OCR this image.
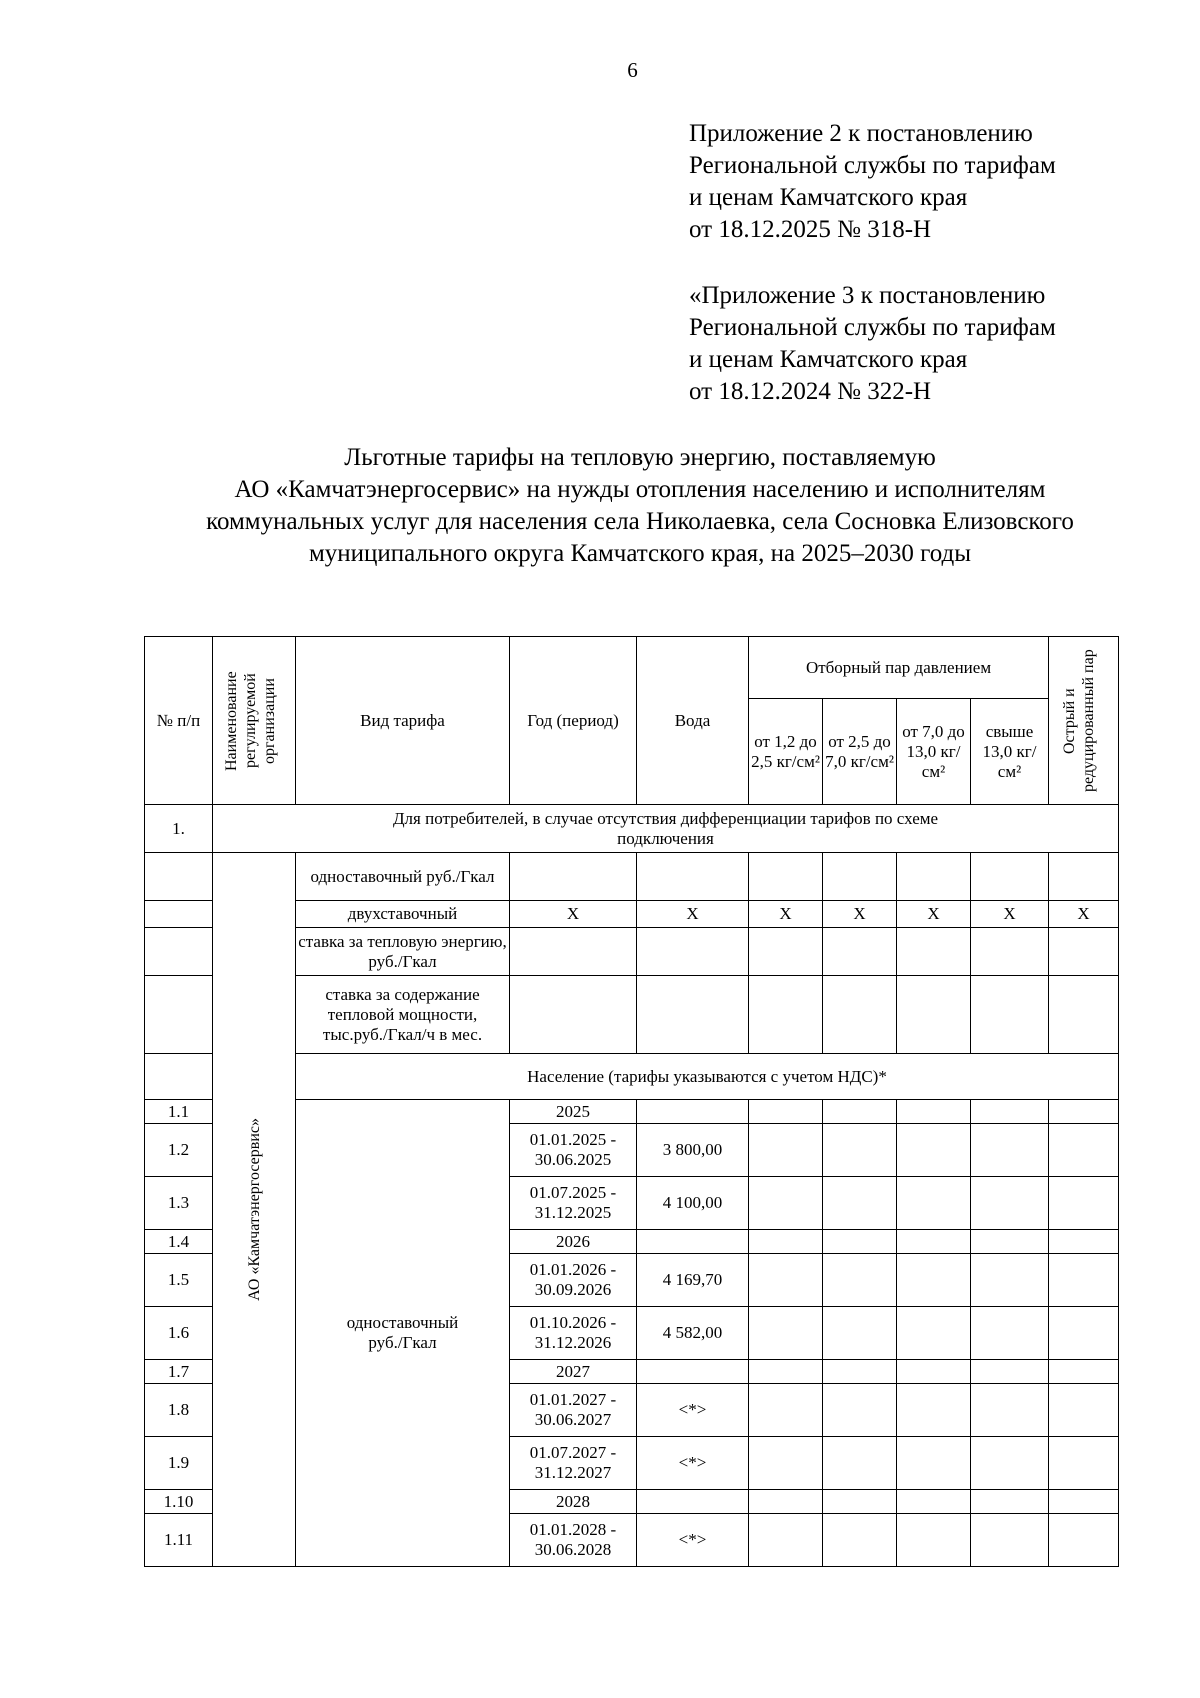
6
Приложение 2 к постановлению
Региональной службы по тарифам
и ценам Камчатского края
от 18.12.2025 № 318-Н
«Приложение 3 к постановлению
Региональной службы по тарифам
и ценам Камчатского края
от 18.12.2024 № 322-Н
Льготные тарифы на тепловую энергию, поставляемую
АО «Камчатэнергосервис» на нужды отопления населению и исполнителям
коммунальных услуг для населения села Николаевка, села Сосновка Елизовского
муниципального округа Камчатского края, на 2025–2030 годы
№ п/п	Наименование регулируемой организации	Вид тарифа	Год (период)	Вода	Отборный пар давлением				Острый и редуцированный пар

					от 1,2 до 2,5 кг/см²	от 2,5 до 7,0 кг/см²	от 7,0 до 13,0 кг/см²	свыше 13,0 кг/см²	
1.	Для потребителей, в случае отсутствия дифференциации тарифов по схеме подключения								

	АО «Камчатэнергосервис»	одноставочный руб./Гкал							
		двухставочный	Х	Х	Х	Х	Х	Х	Х
		ставка за тепловую энергию, руб./Гкал							

		ставка за содержание тепловой мощности, тыс.руб./Гкал/ч в мес.							

		Население (тарифы указываются с учетом НДС)*							
1.1		одноставочный руб./Гкал	2025						

1.2			01.01.2025 - 30.06.2025	3 800,00					
1.3			01.07.2025 - 31.12.2025	4 100,00					
1.4			2026						

1.5			01.01.2026 - 30.09.2026	4 169,70					
1.6			01.10.2026 - 31.12.2026	4 582,00					
1.7			2027						

1.8			01.01.2027 - 30.06.2027	<*>					
1.9			01.07.2027 - 31.12.2027	<*>					
1.10			2028						

1.11			01.01.2028 - 30.06.2028	<*>					
